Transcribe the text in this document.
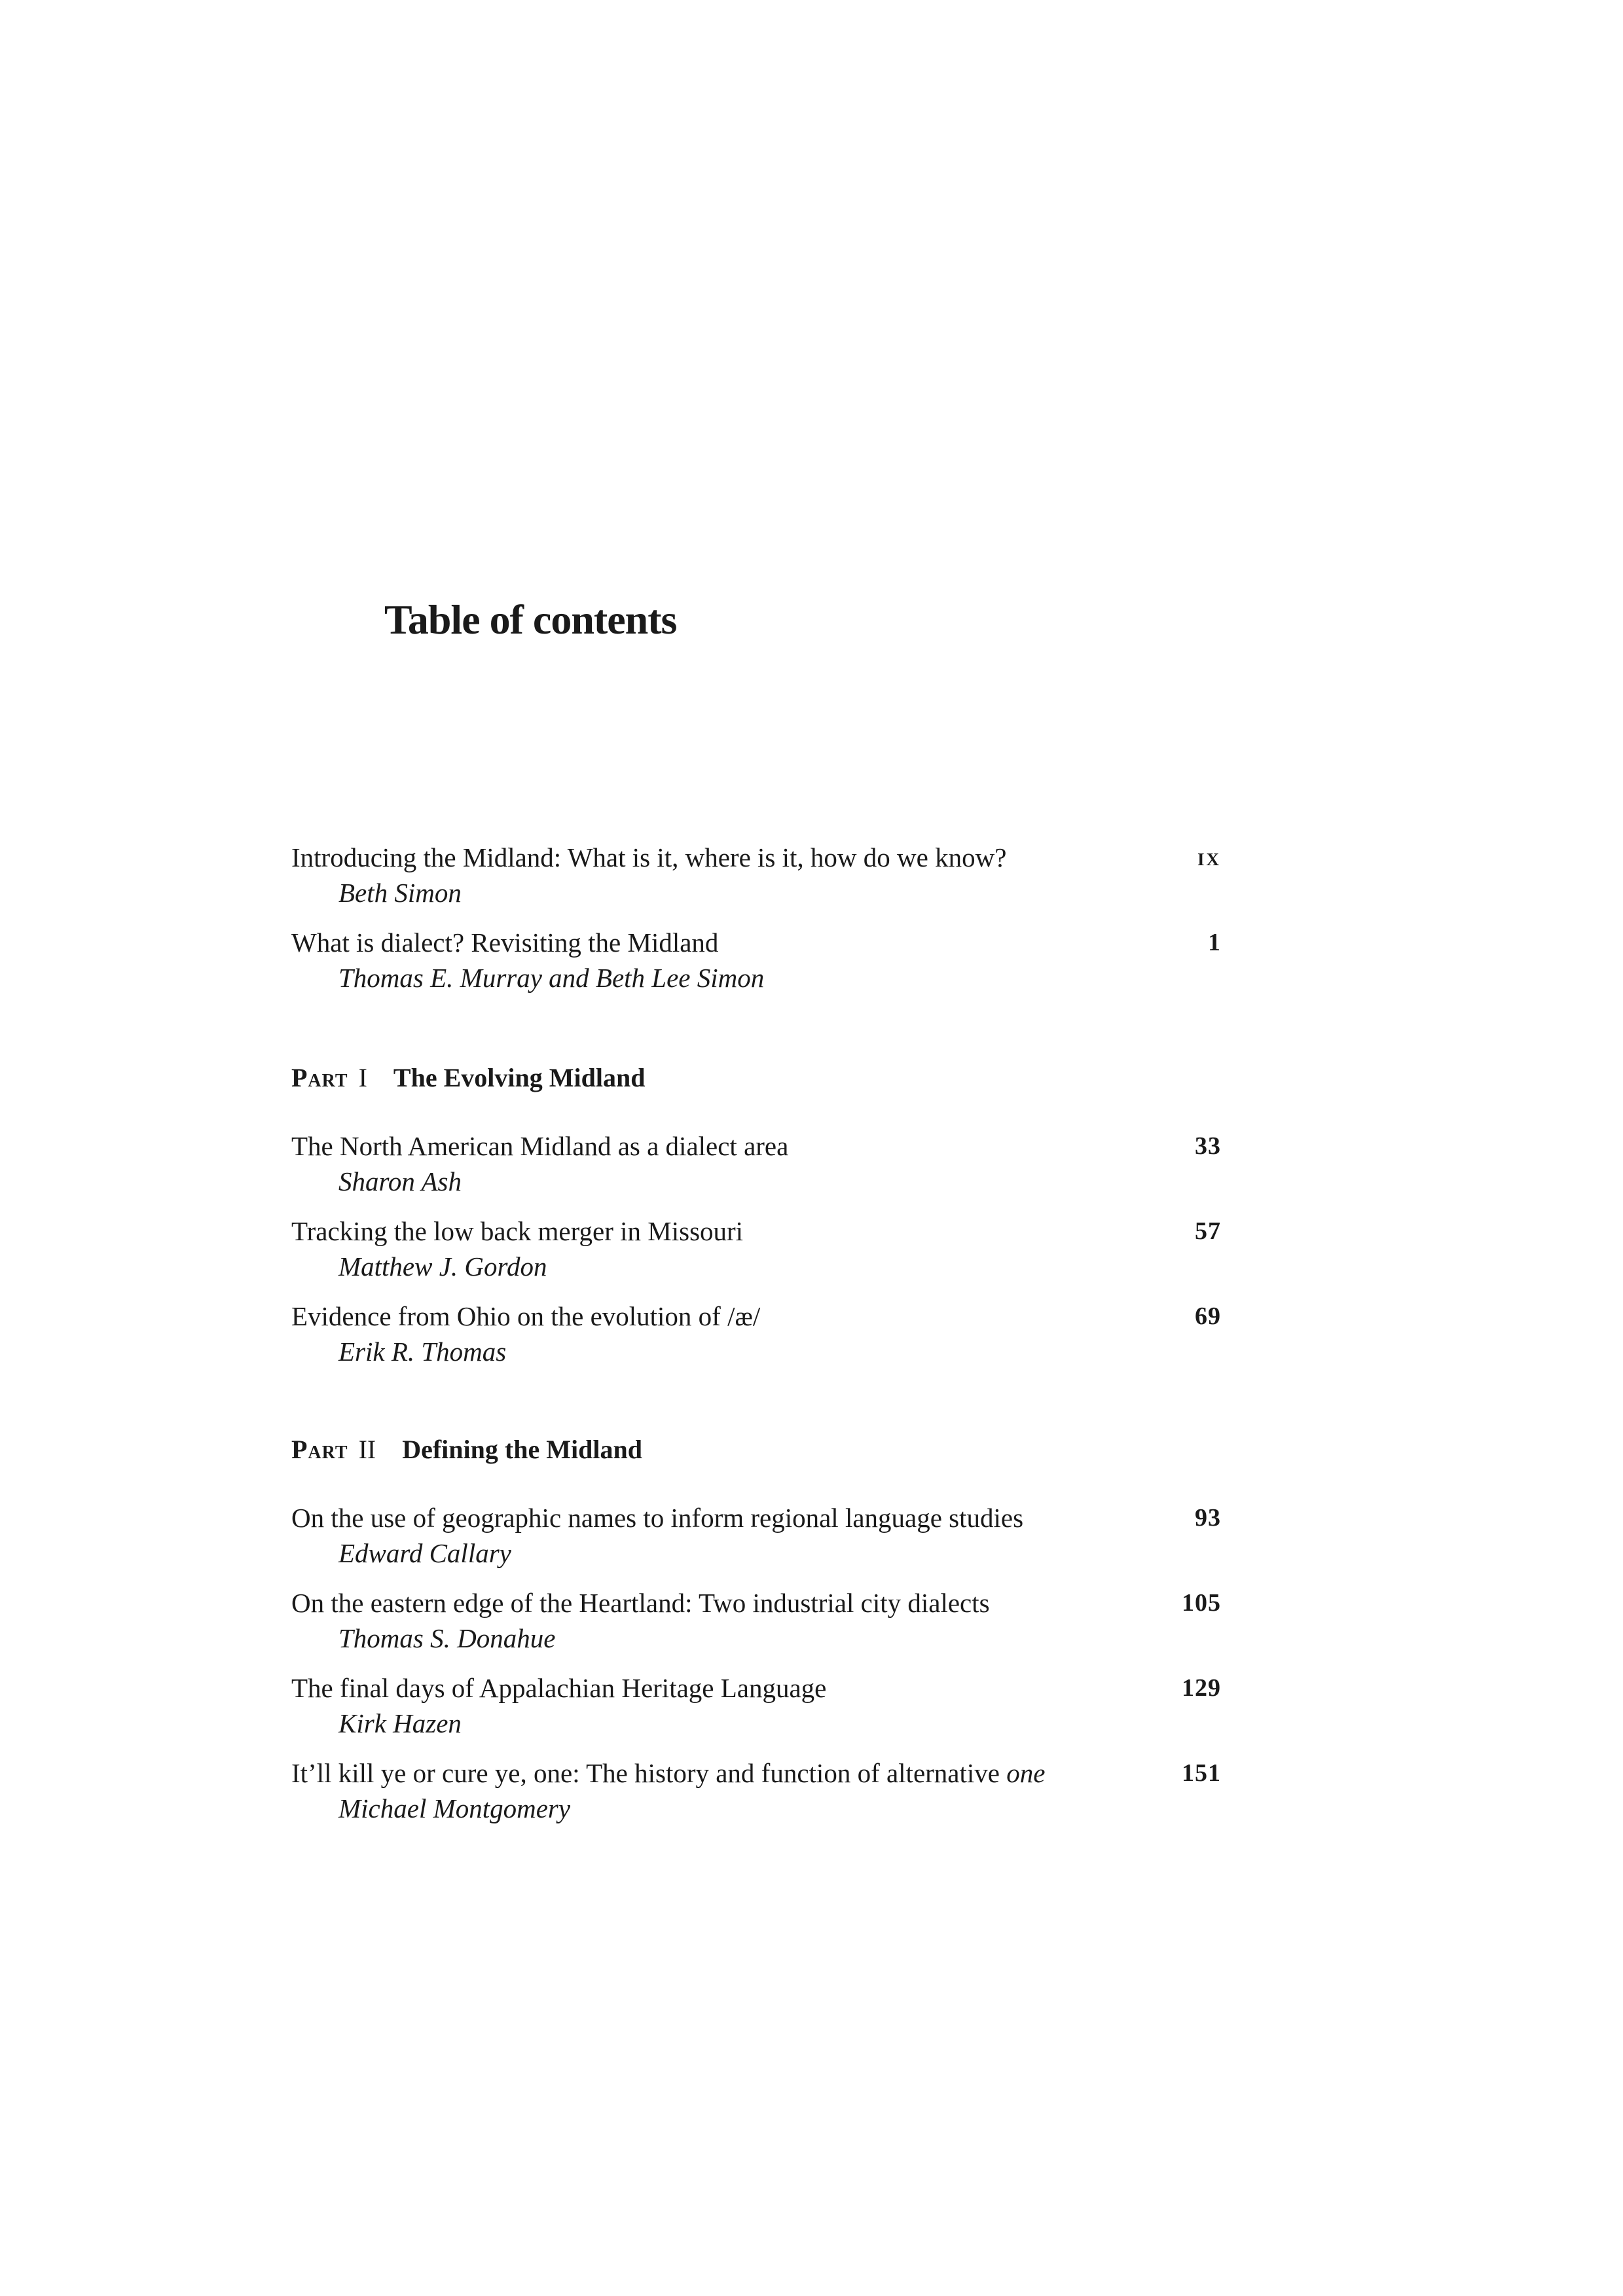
Table of contents
Introducing the Midland: What is it, where is it, how do we know?
Beth Simon
ix
What is dialect? Revisiting the Midland
Thomas E. Murray and Beth Lee Simon
1
Part I The Evolving Midland
The North American Midland as a dialect area
Sharon Ash
33
Tracking the low back merger in Missouri
Matthew J. Gordon
57
Evidence from Ohio on the evolution of /æ/
Erik R. Thomas
69
Part II Defining the Midland
On the use of geographic names to inform regional language studies
Edward Callary
93
On the eastern edge of the Heartland: Two industrial city dialects
Thomas S. Donahue
105
The final days of Appalachian Heritage Language
Kirk Hazen
129
It’ll kill ye or cure ye, one: The history and function of alternative one
Michael Montgomery
151
